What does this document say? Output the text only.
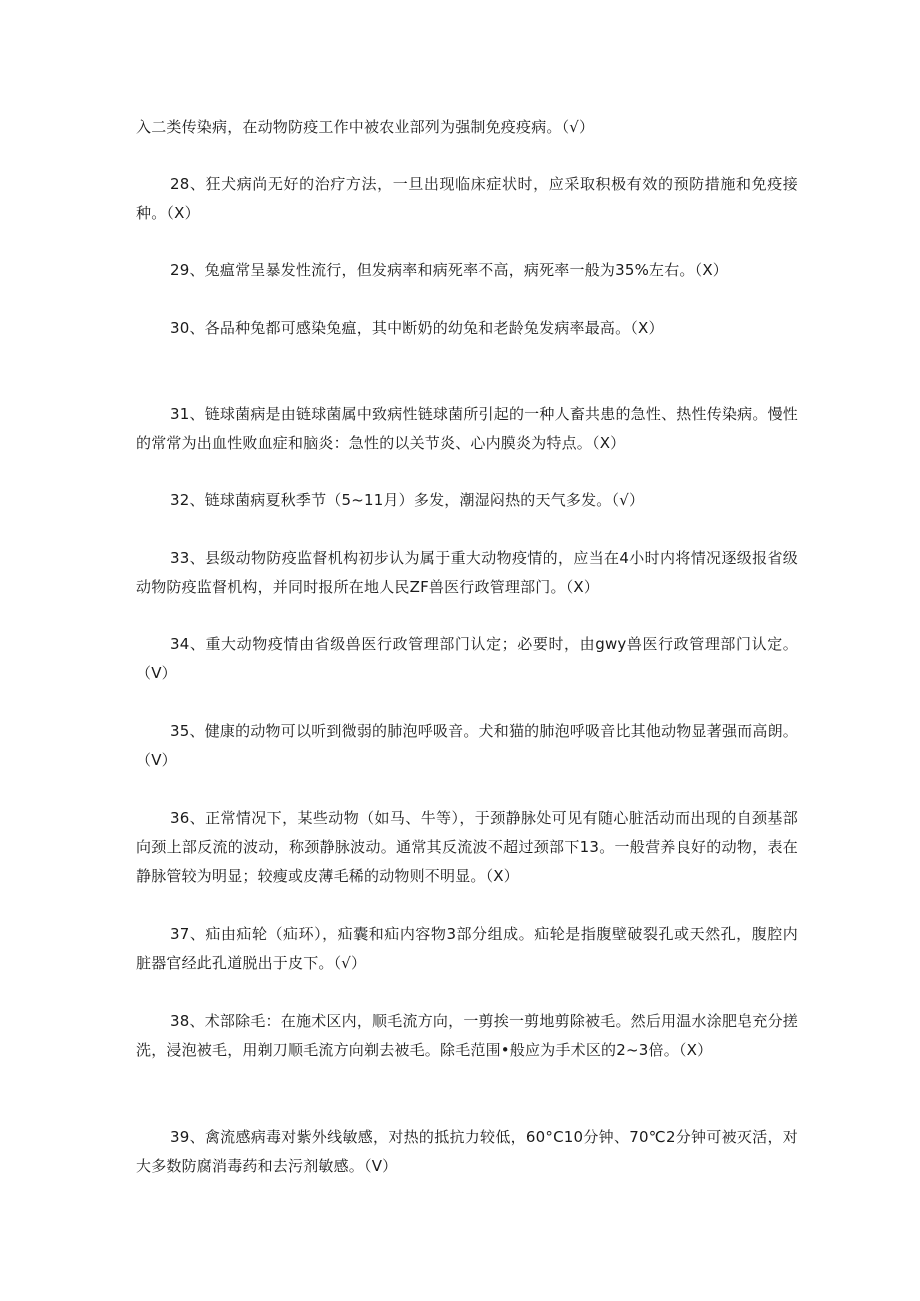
入二类传染病，在动物防疫工作中被农业部列为强制免疫疫病。（√）

28、狂犬病尚无好的治疗方法，一旦出现临床症状时，应采取积极有效的预防措施和免疫接种。（X）

29、兔瘟常呈暴发性流行，但发病率和病死率不高，病死率一般为35%左右。（X）

30、各品种兔都可感染兔瘟，其中断奶的幼兔和老龄兔发病率最高。（X）

31、链球菌病是由链球菌属中致病性链球菌所引起的一种人畜共患的急性、热性传染病。慢性的常常为出血性败血症和脑炎：急性的以关节炎、心内膜炎为特点。（X）

32、链球菌病夏秋季节（5~11月）多发，潮湿闷热的天气多发。（√）

33、县级动物防疫监督机构初步认为属于重大动物疫情的，应当在4小时内将情况逐级报省级动物防疫监督机构，并同时报所在地人民ZF兽医行政管理部门。（X）

34、重大动物疫情由省级兽医行政管理部门认定；必要时，由gwy兽医行政管理部门认定。（V）

35、健康的动物可以听到微弱的肺泡呼吸音。犬和猫的肺泡呼吸音比其他动物显著强而高朗。（V）

36、正常情况下，某些动物（如马、牛等），于颈静脉处可见有随心脏活动而出现的自颈基部向颈上部反流的波动，称颈静脉波动。通常其反流波不超过颈部下13。一般营养良好的动物，表在静脉管较为明显；较瘦或皮薄毛稀的动物则不明显。（X）

37、疝由疝轮（疝环），疝囊和疝内容物3部分组成。疝轮是指腹壁破裂孔或天然孔，腹腔内脏器官经此孔道脱出于皮下。（√）

38、术部除毛：在施术区内，顺毛流方向，一剪挨一剪地剪除被毛。然后用温水涂肥皂充分搓洗，浸泡被毛，用剃刀顺毛流方向剃去被毛。除毛范围•般应为手术区的2~3倍。（X）

39、禽流感病毒对紫外线敏感，对热的抵抗力较低，60°C10分钟、70℃2分钟可被灭活，对大多数防腐消毒药和去污剂敏感。（V）
